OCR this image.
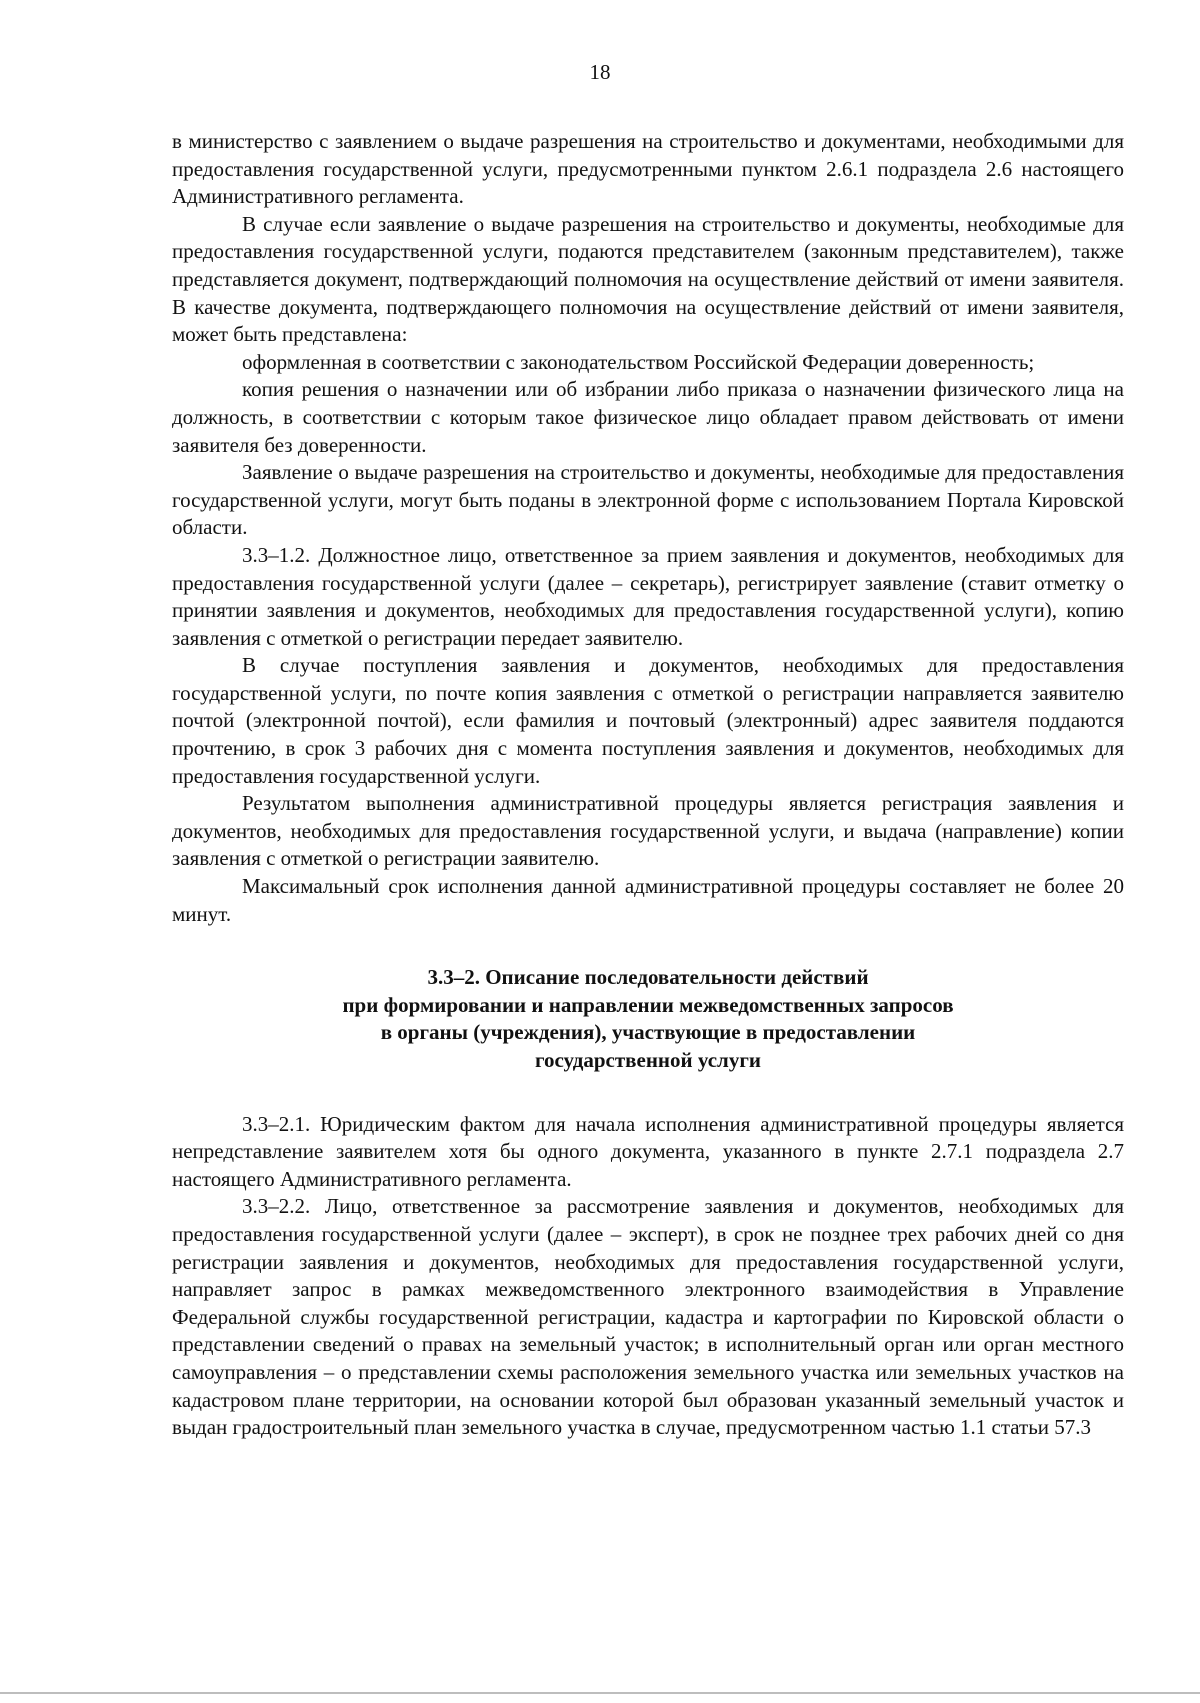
18

в министерство с заявлением о выдаче разрешения на строительство и документами, необходимыми для предоставления государственной услуги, предусмотренными пунктом 2.6.1 подраздела 2.6 настоящего Административного регламента.

В случае если заявление о выдаче разрешения на строительство и документы, необходимые для предоставления государственной услуги, подаются представителем (законным представителем), также представляется документ, подтверждающий полномочия на осуществление действий от имени заявителя. В качестве документа, подтверждающего полномочия на осуществление действий от имени заявителя, может быть представлена:

оформленная в соответствии с законодательством Российской Федерации доверенность;

копия решения о назначении или об избрании либо приказа о назначении физического лица на должность, в соответствии с которым такое физическое лицо обладает правом действовать от имени заявителя без доверенности.

Заявление о выдаче разрешения на строительство и документы, необходимые для предоставления государственной услуги, могут быть поданы в электронной форме с использованием Портала Кировской области.

3.3–1.2. Должностное лицо, ответственное за прием заявления и документов, необходимых для предоставления государственной услуги (далее – секретарь), регистрирует заявление (ставит отметку о принятии заявления и документов, необходимых для предоставления государственной услуги), копию заявления с отметкой о регистрации передает заявителю.

В случае поступления заявления и документов, необходимых для предоставления государственной услуги, по почте копия заявления с отметкой о регистрации направляется заявителю почтой (электронной почтой), если фамилия и почтовый (электронный) адрес заявителя поддаются прочтению, в срок 3 рабочих дня с момента поступления заявления и документов, необходимых для предоставления государственной услуги.

Результатом выполнения административной процедуры является регистрация заявления и документов, необходимых для предоставления государственной услуги, и выдача (направление) копии заявления с отметкой о регистрации заявителю.

Максимальный срок исполнения данной административной процедуры составляет не более 20 минут.

3.3–2. Описание последовательности действий
при формировании и направлении межведомственных запросов
в органы (учреждения), участвующие в предоставлении
государственной услуги

3.3–2.1. Юридическим фактом для начала исполнения административной процедуры является непредставление заявителем хотя бы одного документа, указанного в пункте 2.7.1 подраздела 2.7 настоящего Административного регламента.

3.3–2.2. Лицо, ответственное за рассмотрение заявления и документов, необходимых для предоставления государственной услуги (далее – эксперт), в срок не позднее трех рабочих дней со дня регистрации заявления и документов, необходимых для предоставления государственной услуги, направляет запрос в рамках межведомственного электронного взаимодействия в Управление Федеральной службы государственной регистрации, кадастра и картографии по Кировской области о представлении сведений о правах на земельный участок; в исполнительный орган или орган местного самоуправления – о представлении схемы расположения земельного участка или земельных участков на кадастровом плане территории, на основании которой был образован указанный земельный участок и выдан градостроительный план земельного участка в случае, предусмотренном частью 1.1 статьи 57.3
